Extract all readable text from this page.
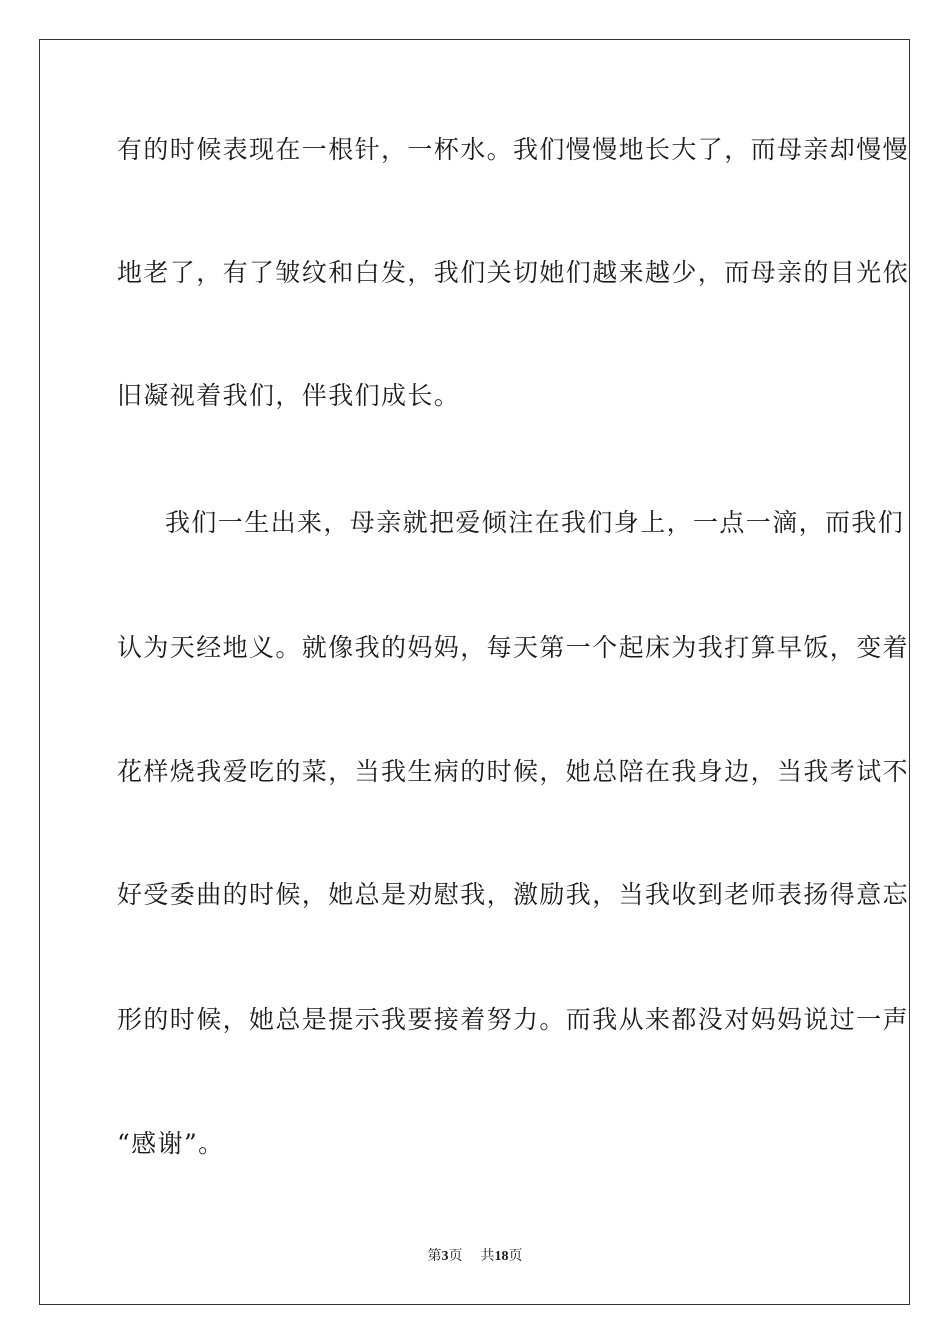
有的时候表现在一根针，一杯水。我们慢慢地长大了，而母亲却慢慢
地老了，有了皱纹和白发，我们关切她们越来越少，而母亲的目光依
旧凝视着我们，伴我们成长。
我们一生出来，母亲就把爱倾注在我们身上，一点一滴，而我们
认为天经地义。就像我的妈妈，每天第一个起床为我打算早饭，变着
花样烧我爱吃的菜，当我生病的时候，她总陪在我身边，当我考试不
好受委曲的时候，她总是劝慰我，激励我，当我收到老师表扬得意忘
形的时候，她总是提示我要接着努力。而我从来都没对妈妈说过一声
“感谢”。
第3页 共18页
